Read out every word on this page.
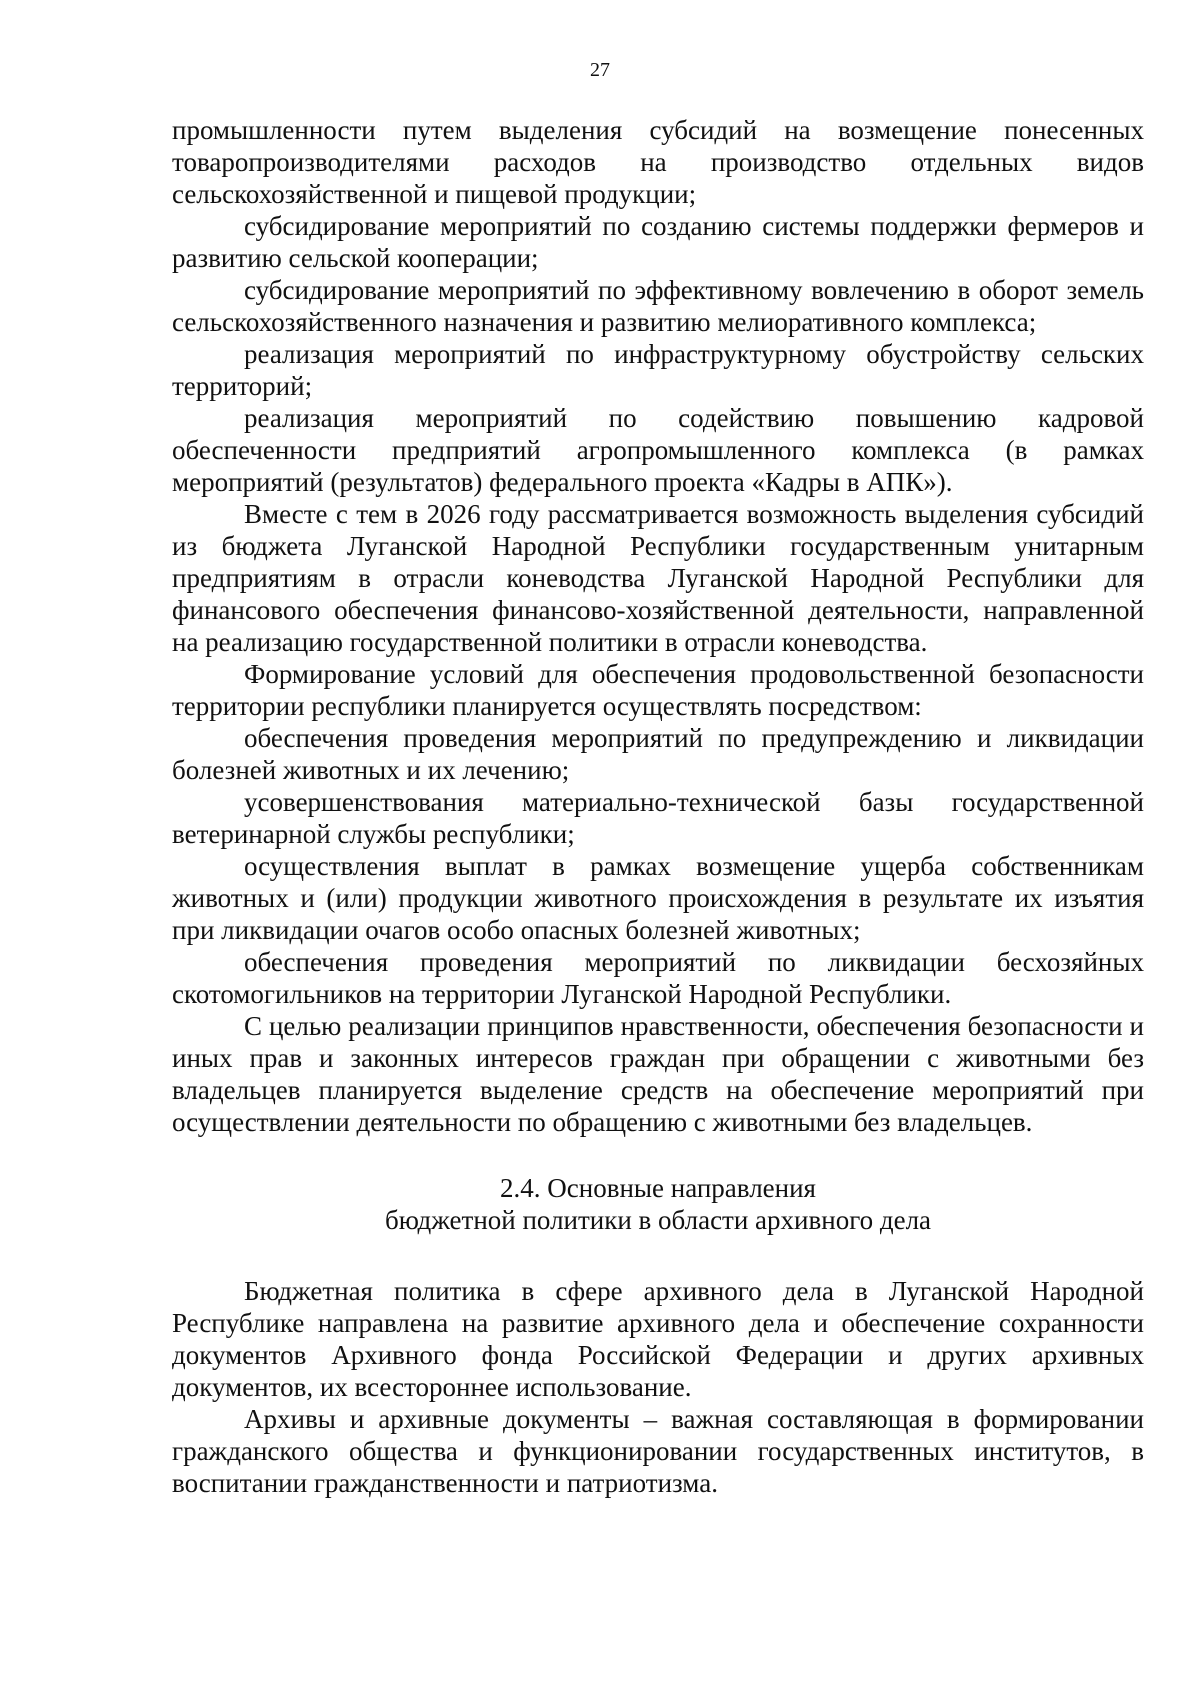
27

промышленности путем выделения субсидий на возмещение понесенных товаропроизводителями расходов на производство отдельных видов сельскохозяйственной и пищевой продукции;

субсидирование мероприятий по созданию системы поддержки фермеров и развитию сельской кооперации;

субсидирование мероприятий по эффективному вовлечению в оборот земель сельскохозяйственного назначения и развитию мелиоративного комплекса;

реализация мероприятий по инфраструктурному обустройству сельских территорий;

реализация мероприятий по содействию повышению кадровой обеспеченности предприятий агропромышленного комплекса (в рамках мероприятий (результатов) федерального проекта «Кадры в АПК»).

Вместе с тем в 2026 году рассматривается возможность выделения субсидий из бюджета Луганской Народной Республики государственным унитарным предприятиям в отрасли коневодства Луганской Народной Республики для финансового обеспечения финансово-хозяйственной деятельности, направленной на реализацию государственной политики в отрасли коневодства.

Формирование условий для обеспечения продовольственной безопасности территории республики планируется осуществлять посредством:

обеспечения проведения мероприятий по предупреждению и ликвидации болезней животных и их лечению;

усовершенствования материально-технической базы государственной ветеринарной службы республики;

осуществления выплат в рамках возмещение ущерба собственникам животных и (или) продукции животного происхождения в результате их изъятия при ликвидации очагов особо опасных болезней животных;

обеспечения проведения мероприятий по ликвидации бесхозяйных скотомогильников на территории Луганской Народной Республики.

С целью реализации принципов нравственности, обеспечения безопасности и иных прав и законных интересов граждан при обращении с животными без владельцев планируется выделение средств на обеспечение мероприятий при осуществлении деятельности по обращению с животными без владельцев.

2.4. Основные направления
бюджетной политики в области архивного дела

Бюджетная политика в сфере архивного дела в Луганской Народной Республике направлена на развитие архивного дела и обеспечение сохранности документов Архивного фонда Российской Федерации и других архивных документов, их всестороннее использование.

Архивы и архивные документы – важная составляющая в формировании гражданского общества и функционировании государственных институтов, в воспитании гражданственности и патриотизма.
